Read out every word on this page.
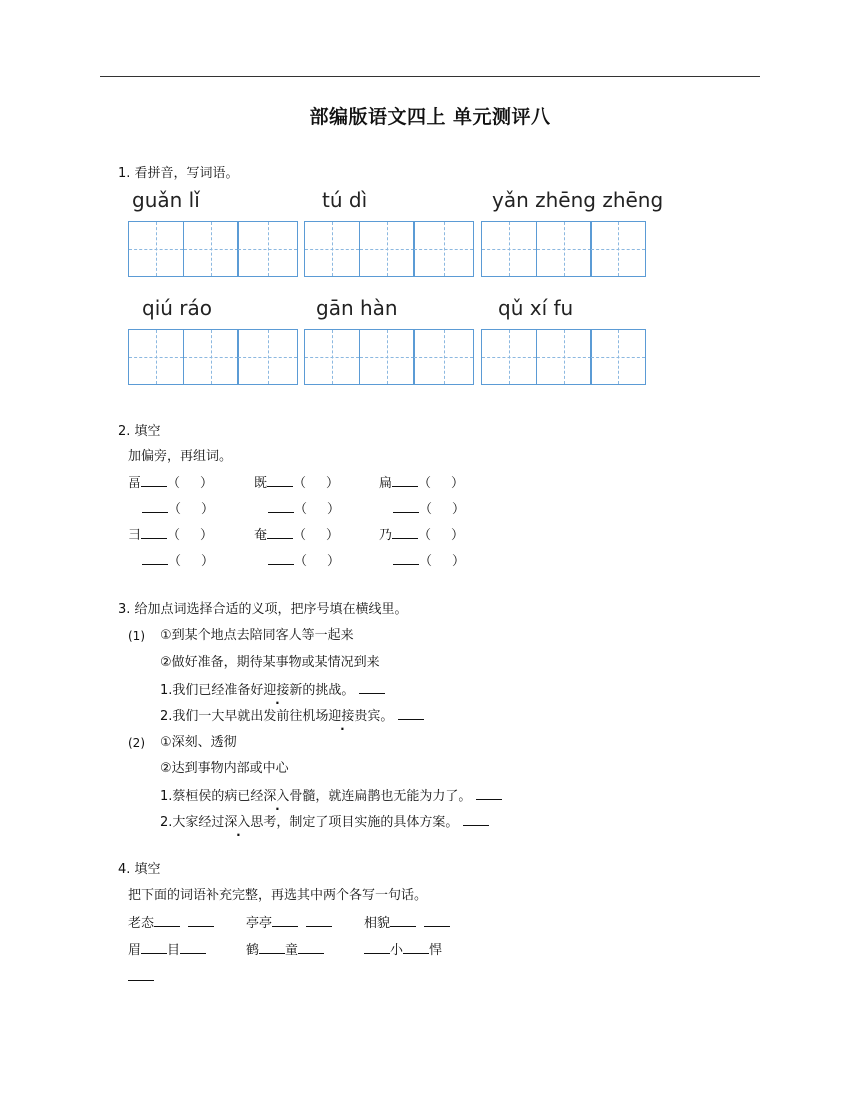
部编版语文四上 单元测评八
1. 看拼音，写词语。
guǎn lǐ	tú dì	yǎn zhēng zhēng
qiú ráo	gān hàn	qǔ xí fu
2. 填空
加偏旁，再组词。
畐 （ ）	既 （ ）	扁 （ ）
（ ）	（ ）	（ ）
彐 （ ）	奄 （ ）	乃 （ ）
（ ）	（ ）	（ ）
3. 给加点词选择合适的义项，把序号填在横线里。
(1) ①到某个地点去陪同客人等一起来
②做好准备，期待某事物或某情况到来
1.我们已经准备好迎接新的挑战。
2.我们一大早就出发前往机场迎接贵宾。
(2) ①深刻、透彻
②达到事物内部或中心
1.蔡桓侯的病已经深入骨髓，就连扁鹊也无能为力了。
2.大家经过深入思考，制定了项目实施的具体方案。
4. 填空
把下面的词语补充完整，再选其中两个各写一句话。
老态	亭亭	相貌
眉 目	鹤 童	小 悍
